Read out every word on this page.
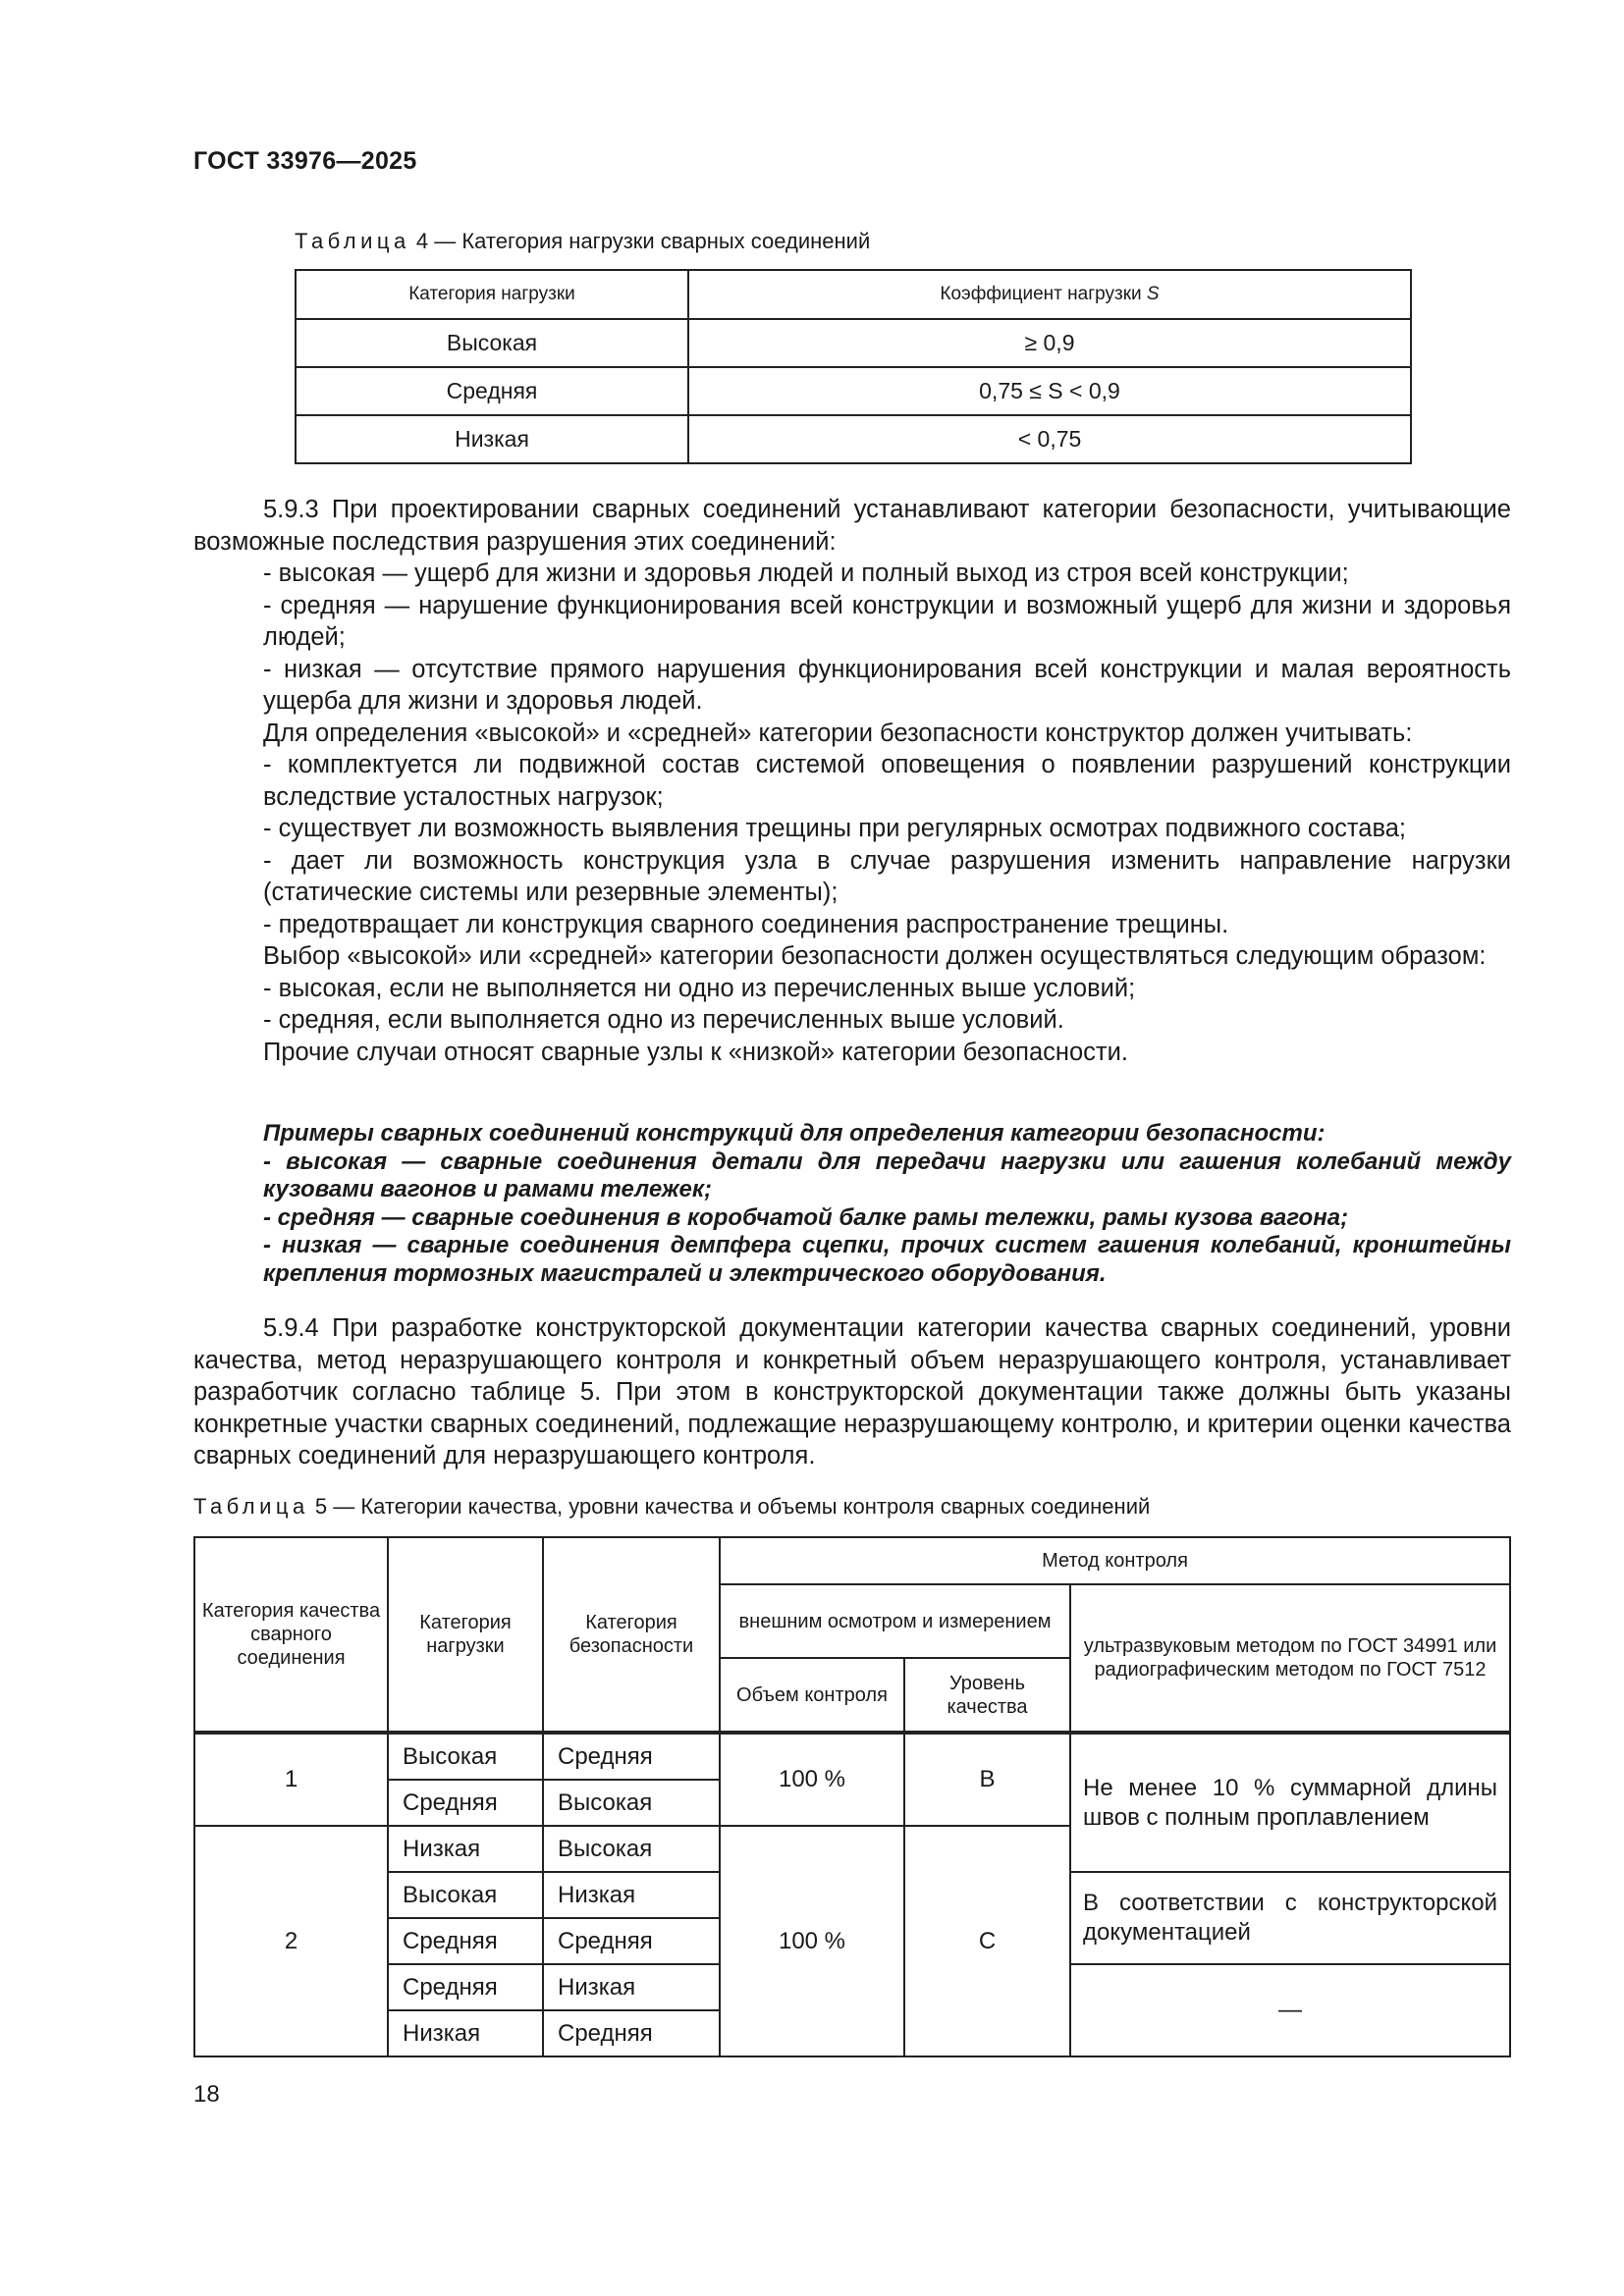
ГОСТ 33976—2025
Таблица 4 — Категория нагрузки сварных соединений
Категория нагрузки	Коэффициент нагрузки S
Высокая	≥ 0,9
Средняя	0,75 ≤ S < 0,9
Низкая	< 0,75

5.9.3 При проектировании сварных соединений устанавливают категории безопасности, учитывающие возможные последствия разрушения этих соединений:

- высокая — ущерб для жизни и здоровья людей и полный выход из строя всей конструкции;

- средняя — нарушение функционирования всей конструкции и возможный ущерб для жизни и здоровья людей;

- низкая — отсутствие прямого нарушения функционирования всей конструкции и малая вероятность ущерба для жизни и здоровья людей.

Для определения «высокой» и «средней» категории безопасности конструктор должен учитывать:

- комплектуется ли подвижной состав системой оповещения о появлении разрушений конструкции вследствие усталостных нагрузок;

- существует ли возможность выявления трещины при регулярных осмотрах подвижного состава;

- дает ли возможность конструкция узла в случае разрушения изменить направление нагрузки (статические системы или резервные элементы);

- предотвращает ли конструкция сварного соединения распространение трещины.

Выбор «высокой» или «средней» категории безопасности должен осуществляться следующим образом:

- высокая, если не выполняется ни одно из перечисленных выше условий;

- средняя, если выполняется одно из перечисленных выше условий.

Прочие случаи относят сварные узлы к «низкой» категории безопасности.

Примеры сварных соединений конструкций для определения категории безопасности:

- высокая — сварные соединения детали для передачи нагрузки или гашения колебаний между кузовами вагонов и рамами тележек;

- средняя — сварные соединения в коробчатой балке рамы тележки, рамы кузова вагона;

- низкая — сварные соединения демпфера сцепки, прочих систем гашения колебаний, кронштейны крепления тормозных магистралей и электрического оборудования.

5.9.4 При разработке конструкторской документации категории качества сварных соединений, уровни качества, метод неразрушающего контроля и конкретный объем неразрушающего контроля, устанавливает разработчик согласно таблице 5. При этом в конструкторской документации также должны быть указаны конкретные участки сварных соединений, подлежащие неразрушающему контролю, и критерии оценки качества сварных соединений для неразрушающего контроля.

Таблица 5 — Категории качества, уровни качества и объемы контроля сварных соединений
Категория качества сварного соединения	Категория нагрузки	Категория безопасности	Метод контроля		
			внешним осмотром и измерением		ультразвуковым методом по ГОСТ 34991 или радиографическим методом по ГОСТ 7512
			Объем контроля	Уровень качества	
1	Высокая	Средняя	100 %	B	Не менее 10 % суммарной длины швов с полным проплавлением
	Средняя	Высокая			
2	Низкая	Высокая	100 %	C	
	Высокая	Низкая			В соответствии с конструкторской документацией
	Средняя	Средняя			
	Средняя	Низкая			—
	Низкая	Средняя			
18
